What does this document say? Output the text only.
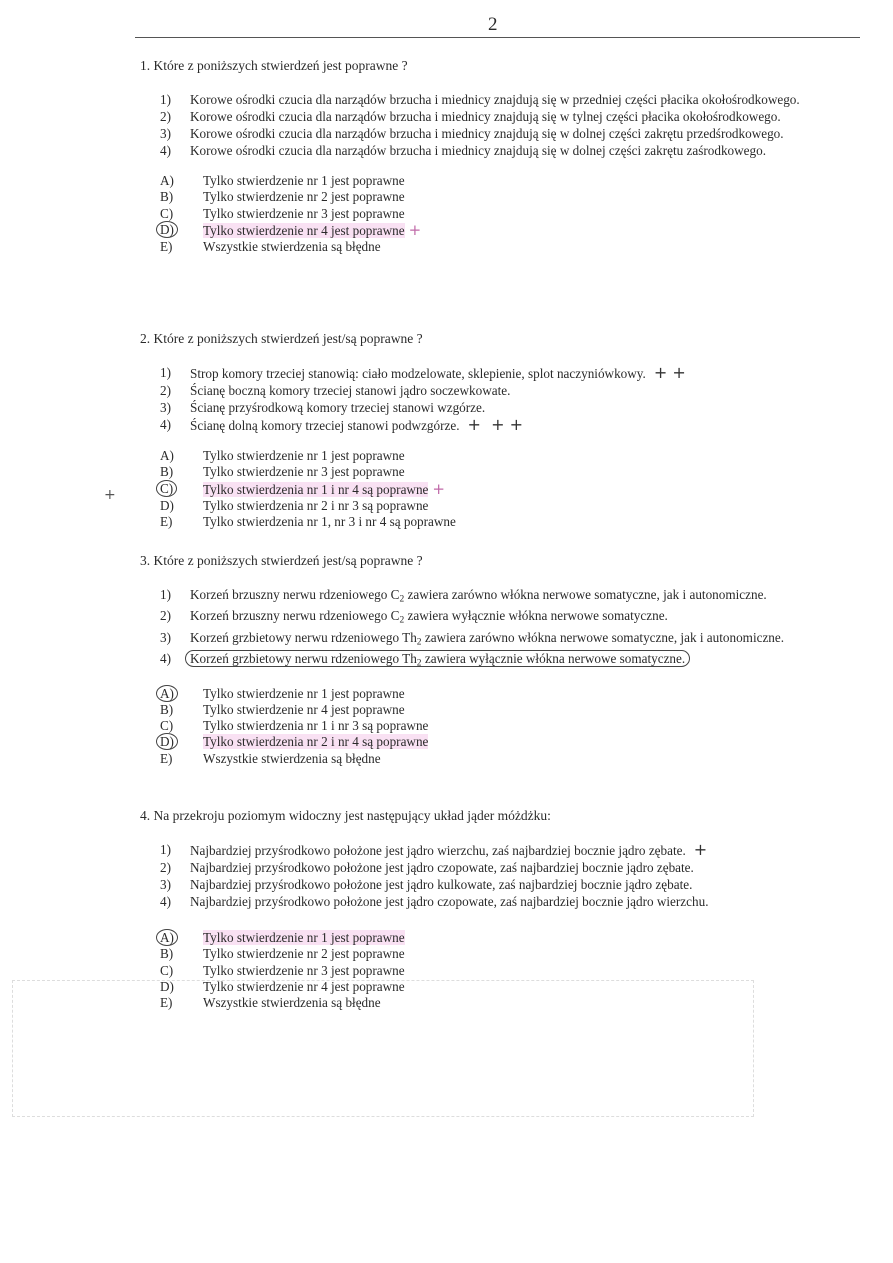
2
1. Które z poniższych stwierdzeń jest poprawne ?
1)	Korowe ośrodki czucia dla narządów brzucha i miednicy znajdują się w przedniej części płacika okołośrodkowego.
2)	Korowe ośrodki czucia dla narządów brzucha i miednicy znajdują się w tylnej części płacika okołośrodkowego.
3)	Korowe ośrodki czucia dla narządów brzucha i miednicy znajdują się w dolnej części zakrętu przedśrodkowego.
4)	Korowe ośrodki czucia dla narządów brzucha i miednicy znajdują się w dolnej części zakrętu zaśrodkowego.
A)	Tylko stwierdzenie nr 1 jest poprawne
B)	Tylko stwierdzenie nr 2 jest poprawne
C)	Tylko stwierdzenie nr 3 jest poprawne
D)	Tylko stwierdzenie nr 4 jest poprawne +
E)	Wszystkie stwierdzenia są błędne
2. Które z poniższych stwierdzeń jest/są poprawne ?
1)	Strop komory trzeciej stanowią: ciało modzelowate, sklepienie, splot naczyniówkowy. + +
2)	Ścianę boczną komory trzeciej stanowi jądro soczewkowate.
3)	Ścianę przyśrodkową komory trzeciej stanowi wzgórze.
4)	Ścianę dolną komory trzeciej stanowi podwzgórze. +  + +
A)	Tylko stwierdzenie nr 1 jest poprawne
B)	Tylko stwierdzenie nr 3 jest poprawne
C)	Tylko stwierdzenia nr 1 i nr 4 są poprawne +
D)	Tylko stwierdzenia nr 2 i nr 3 są poprawne
E)	Tylko stwierdzenia nr 1, nr 3 i nr 4 są poprawne
+
3. Które z poniższych stwierdzeń jest/są poprawne ?
1)	Korzeń brzuszny nerwu rdzeniowego $C_2$ zawiera zarówno włókna nerwowe somatyczne, jak i autonomiczne.
2)	Korzeń brzuszny nerwu rdzeniowego $C_2$ zawiera wyłącznie włókna nerwowe somatyczne.
3)	Korzeń grzbietowy nerwu rdzeniowego $Th_2$ zawiera zarówno włókna nerwowe somatyczne, jak i autonomiczne.
4)	Korzeń grzbietowy nerwu rdzeniowego $Th_2$ zawiera wyłącznie włókna nerwowe somatyczne.
A)	Tylko stwierdzenie nr 1 jest poprawne
B)	Tylko stwierdzenie nr 4 jest poprawne
C)	Tylko stwierdzenia nr 1 i nr 3 są poprawne
D)	Tylko stwierdzenia nr 2 i nr 4 są poprawne
E)	Wszystkie stwierdzenia są błędne
4. Na przekroju poziomym widoczny jest następujący układ jąder móżdżku:
1)	Najbardziej przyśrodkowo położone jest jądro wierzchu, zaś najbardziej bocznie jądro zębate. +
2)	Najbardziej przyśrodkowo położone jest jądro czopowate, zaś najbardziej bocznie jądro zębate.
3)	Najbardziej przyśrodkowo położone jest jądro kulkowate, zaś najbardziej bocznie jądro zębate.
4)	Najbardziej przyśrodkowo położone jest jądro czopowate, zaś najbardziej bocznie jądro wierzchu.
A)	Tylko stwierdzenie nr 1 jest poprawne
B)	Tylko stwierdzenie nr 2 jest poprawne
C)	Tylko stwierdzenie nr 3 jest poprawne
D)	Tylko stwierdzenie nr 4 jest poprawne
E)	Wszystkie stwierdzenia są błędne
